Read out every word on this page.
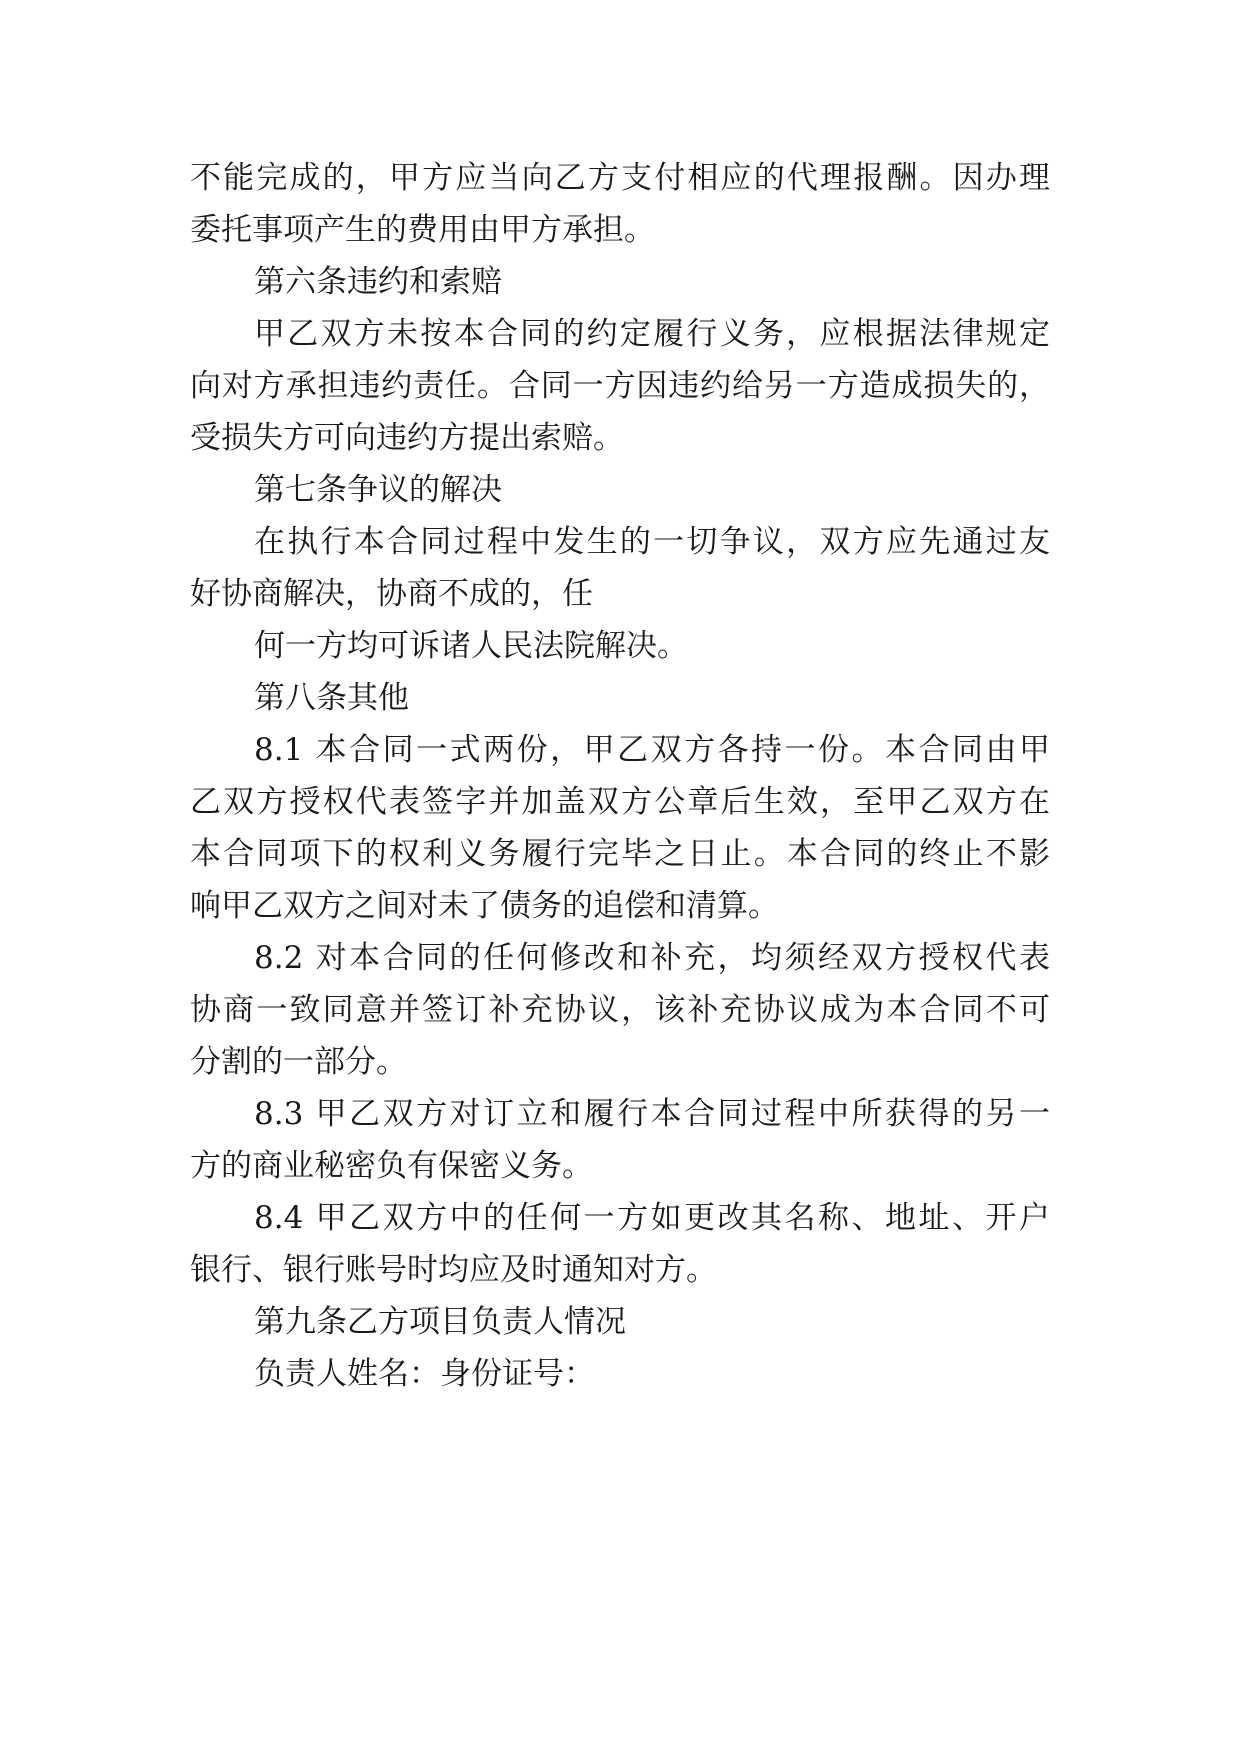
不能完成的，甲方应当向乙方支付相应的代理报酬。因办理
委托事项产生的费用由甲方承担。
第六条违约和索赔
甲乙双方未按本合同的约定履行义务，应根据法律规定
向对方承担违约责任。合同一方因违约给另一方造成损失的，
受损失方可向违约方提出索赔。
第七条争议的解决
在执行本合同过程中发生的一切争议，双方应先通过友
好协商解决，协商不成的，任
何一方均可诉诸人民法院解决。
第八条其他
8.1 本合同一式两份，甲乙双方各持一份。本合同由甲
乙双方授权代表签字并加盖双方公章后生效，至甲乙双方在
本合同项下的权利义务履行完毕之日止。本合同的终止不影
响甲乙双方之间对未了债务的追偿和清算。
8.2 对本合同的任何修改和补充，均须经双方授权代表
协商一致同意并签订补充协议，该补充协议成为本合同不可
分割的一部分。
8.3 甲乙双方对订立和履行本合同过程中所获得的另一
方的商业秘密负有保密义务。
8.4 甲乙双方中的任何一方如更改其名称、地址、开户
银行、银行账号时均应及时通知对方。
第九条乙方项目负责人情况
负责人姓名：身份证号：
